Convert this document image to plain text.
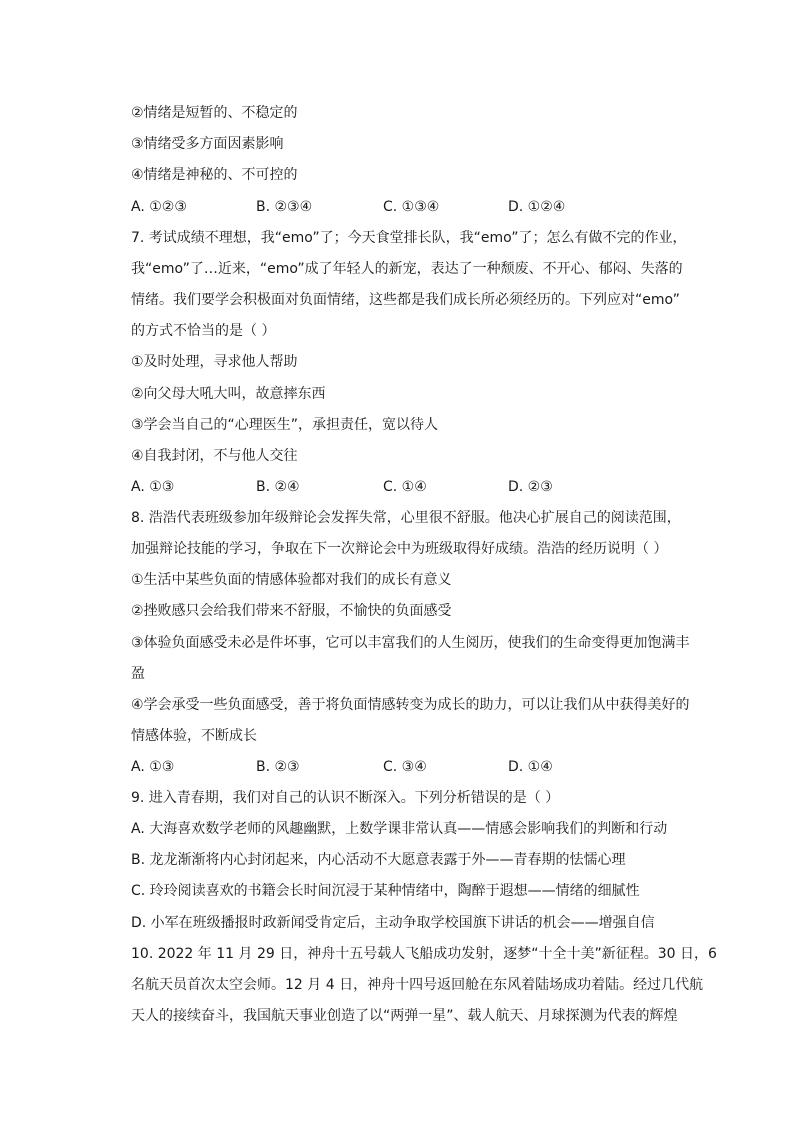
②情绪是短暂的、不稳定的
③情绪受多方面因素影响
④情绪是神秘的、不可控的
A. ①②③	B. ②③④	C. ①③④	D. ①②④
7. 考试成绩不理想，我“emo”了；今天食堂排长队，我“emo”了；怎么有做不完的作业，
我“emo”了…近来，“emo”成了年轻人的新宠，表达了一种颓废、不开心、郁闷、失落的
情绪。我们要学会积极面对负面情绪，这些都是我们成长所必须经历的。下列应对“emo”
的方式不恰当的是（ ）
①及时处理，寻求他人帮助
②向父母大吼大叫，故意摔东西
③学会当自己的“心理医生”，承担责任，宽以待人
④自我封闭，不与他人交往
A. ①③	B. ②④	C. ①④	D. ②③
8. 浩浩代表班级参加年级辩论会发挥失常，心里很不舒服。他决心扩展自己的阅读范围，
加强辩论技能的学习，争取在下一次辩论会中为班级取得好成绩。浩浩的经历说明（ ）
①生活中某些负面的情感体验都对我们的成长有意义
②挫败感只会给我们带来不舒服，不愉快的负面感受
③体验负面感受未必是件坏事，它可以丰富我们的人生阅历，使我们的生命变得更加饱满丰
盈
④学会承受一些负面感受，善于将负面情感转变为成长的助力，可以让我们从中获得美好的
情感体验，不断成长
A. ①③	B. ②③	C. ③④	D. ①④
9. 进入青春期，我们对自己的认识不断深入。下列分析错误的是（ ）
A. 大海喜欢数学老师的风趣幽默，上数学课非常认真——情感会影响我们的判断和行动
B. 龙龙渐渐将内心封闭起来，内心活动不大愿意表露于外——青春期的怯懦心理
C. 玲玲阅读喜欢的书籍会长时间沉浸于某种情绪中，陶醉于遐想——情绪的细腻性
D. 小军在班级播报时政新闻受肯定后，主动争取学校国旗下讲话的机会——增强自信
10. 2022 年 11 月 29 日，神舟十五号载人飞船成功发射，逐梦“十全十美”新征程。30 日，6
名航天员首次太空会师。12 月 4 日，神舟十四号返回舱在东风着陆场成功着陆。经过几代航
天人的接续奋斗，我国航天事业创造了以“两弹一星”、载人航天、月球探测为代表的辉煌
